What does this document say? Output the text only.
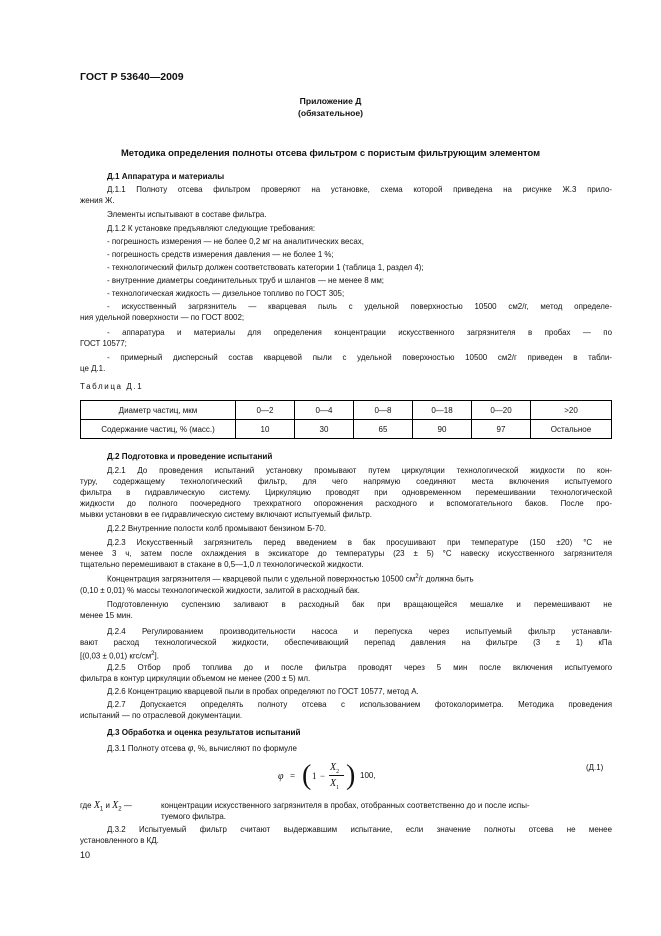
ГОСТ Р 53640—2009
Приложение Д
(обязательное)
Методика определения полноты отсева фильтром с пористым фильтрующим элементом
Д.1 Аппаратура и материалы
Д.1.1 Полноту отсева фильтром проверяют на установке, схема которой приведена на рисунке Ж.3 прило-
жения Ж.
Элементы испытывают в составе фильтра.
Д.1.2 К установке предъявляют следующие требования:
- погрешность измерения — не более 0,2 мг на аналитических весах,
- погрешность средств измерения давления — не более 1 %;
- технологический фильтр должен соответствовать категории 1 (таблица 1, раздел 4);
- внутренние диаметры соединительных труб и шлангов — не менее 8 мм;
- технологическая жидкость — дизельное топливо по ГОСТ 305;
- искусственный загрязнитель — кварцевая пыль с удельной поверхностью 10500 см2/г, метод определе-
ния удельной поверхности — по ГОСТ 8002;
- аппаратура и материалы для определения концентрации искусственного загрязнителя в пробах — по
ГОСТ 10577;
- примерный дисперсный состав кварцевой пыли с удельной поверхностью 10500 см2/г приведен в табли-
це Д.1.
Таблица Д.1
Диаметр частиц, мкм	0—2	0—4	0—8	0—18	0—20	>20
Содержание частиц, % (масс.)	10	30	65	90	97	Остальное
Д.2 Подготовка и проведение испытаний
Д.2.1 До проведения испытаний установку промывают путем циркуляции технологической жидкости по кон-
туру, содержащему технологический фильтр, для чего напрямую соединяют места включения испытуемого
фильтра в гидравлическую систему. Циркуляцию проводят при одновременном перемешивании технологической
жидкости до полного поочередного трехкратного опорожнения расходного и вспомогательного баков. После про-
мывки установки в ее гидравлическую систему включают испытуемый фильтр.
Д.2.2 Внутренние полости колб промывают бензином Б-70.
Д.2.3 Искусственный загрязнитель перед введением в бак просушивают при температуре (150 ±20) °С не
менее 3 ч, затем после охлаждения в эксикаторе до температуры (23 ± 5) °С навеску искусственного загрязнителя
тщательно перемешивают в стакане в 0,5—1,0 л технологической жидкости.
Концентрация загрязнителя — кварцевой пыли с удельной поверхностью 10500 $см^2/г$ должна быть
(0,10 ± 0,01) % массы технологической жидкости, залитой в расходный бак.
Подготовленную суспензию заливают в расходный бак при вращающейся мешалке и перемешивают не
менее 15 мин.
Д.2.4 Регулированием производительности насоса и перепуска через испытуемый фильтр устанавли-
вают расход технологической жидкости, обеспечивающий перепад давления на фильтре (3 ± 1) кПа
[(0,03 ± 0,01) кгс/$см^2$].
Д.2.5 Отбор проб топлива до и после фильтра проводят через 5 мин после включения испытуемого
фильтра в контур циркуляции объемом не менее (200 ± 5) мл.
Д.2.6 Концентрацию кварцевой пыли в пробах определяют по ГОСТ 10577, метод А.
Д.2.7 Допускается определять полноту отсева с использованием фотоколориметра. Методика проведения
испытаний — по отраслевой документации.
Д.3 Обработка и оценка результатов испытаний
Д.3.1 Полноту отсева φ, %, вычисляют по формуле
φ = ( 1 −
$X_2$
$X_1$ ) 100,
(Д.1)
где $X_1$ и $X_2$ —	концентрации искусственного загрязнителя в пробах, отобранных соответственно до и после испы-
туемого фильтра.
Д.3.2 Испытуемый фильтр считают выдержавшим испытание, если значение полноты отсева не менее
установленного в КД.
10
